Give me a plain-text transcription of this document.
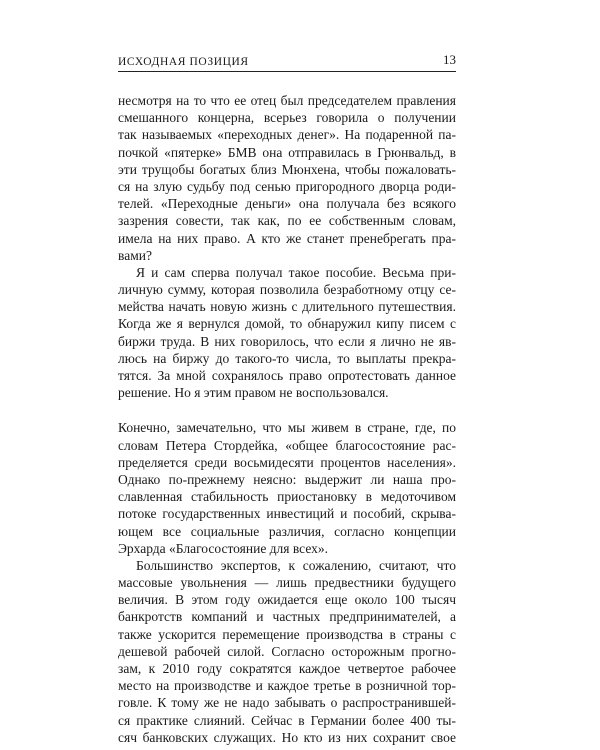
ИСХОДНАЯ ПОЗИЦИЯ	13
несмотря на то что ее отец был председателем правления
смешанного концерна, всерьез говорила о получении
так называемых «переходных денег». На подаренной па-
почкой «пятерке» БМВ она отправилась в Грюнвальд, в
эти трущобы богатых близ Мюнхена, чтобы пожаловать-
ся на злую судьбу под сенью пригородного дворца роди-
телей. «Переходные деньги» она получала без всякого
зазрения совести, так как, по ее собственным словам,
имела на них право. А кто же станет пренебрегать пра-
вами?
Я и сам сперва получал такое пособие. Весьма при-
личную сумму, которая позволила безработному отцу се-
мейства начать новую жизнь с длительного путешествия.
Когда же я вернулся домой, то обнаружил кипу писем с
биржи труда. В них говорилось, что если я лично не яв-
люсь на биржу до такого-то числа, то выплаты прекра-
тятся. За мной сохранялось право опротестовать данное
решение. Но я этим правом не воспользовался.
Конечно, замечательно, что мы живем в стране, где, по
словам Петера Стордейка, «общее благосостояние рас-
пределяется среди восьмидесяти процентов населения».
Однако по-прежнему неясно: выдержит ли наша про-
славленная стабильность приостановку в медоточивом
потоке государственных инвестиций и пособий, скрыва-
ющем все социальные различия, согласно концепции
Эрхарда «Благосостояние для всех».
Большинство экспертов, к сожалению, считают, что
массовые увольнения — лишь предвестники будущего
величия. В этом году ожидается еще около 100 тысяч
банкротств компаний и частных предпринимателей, а
также ускорится перемещение производства в страны с
дешевой рабочей силой. Согласно осторожным прогно-
зам, к 2010 году сократятся каждое четвертое рабочее
место на производстве и каждое третье в розничной тор-
говле. К тому же не надо забывать о распространившей-
ся практике слияний. Сейчас в Германии более 400 ты-
сяч банковских служащих. Но кто из них сохранит свое
